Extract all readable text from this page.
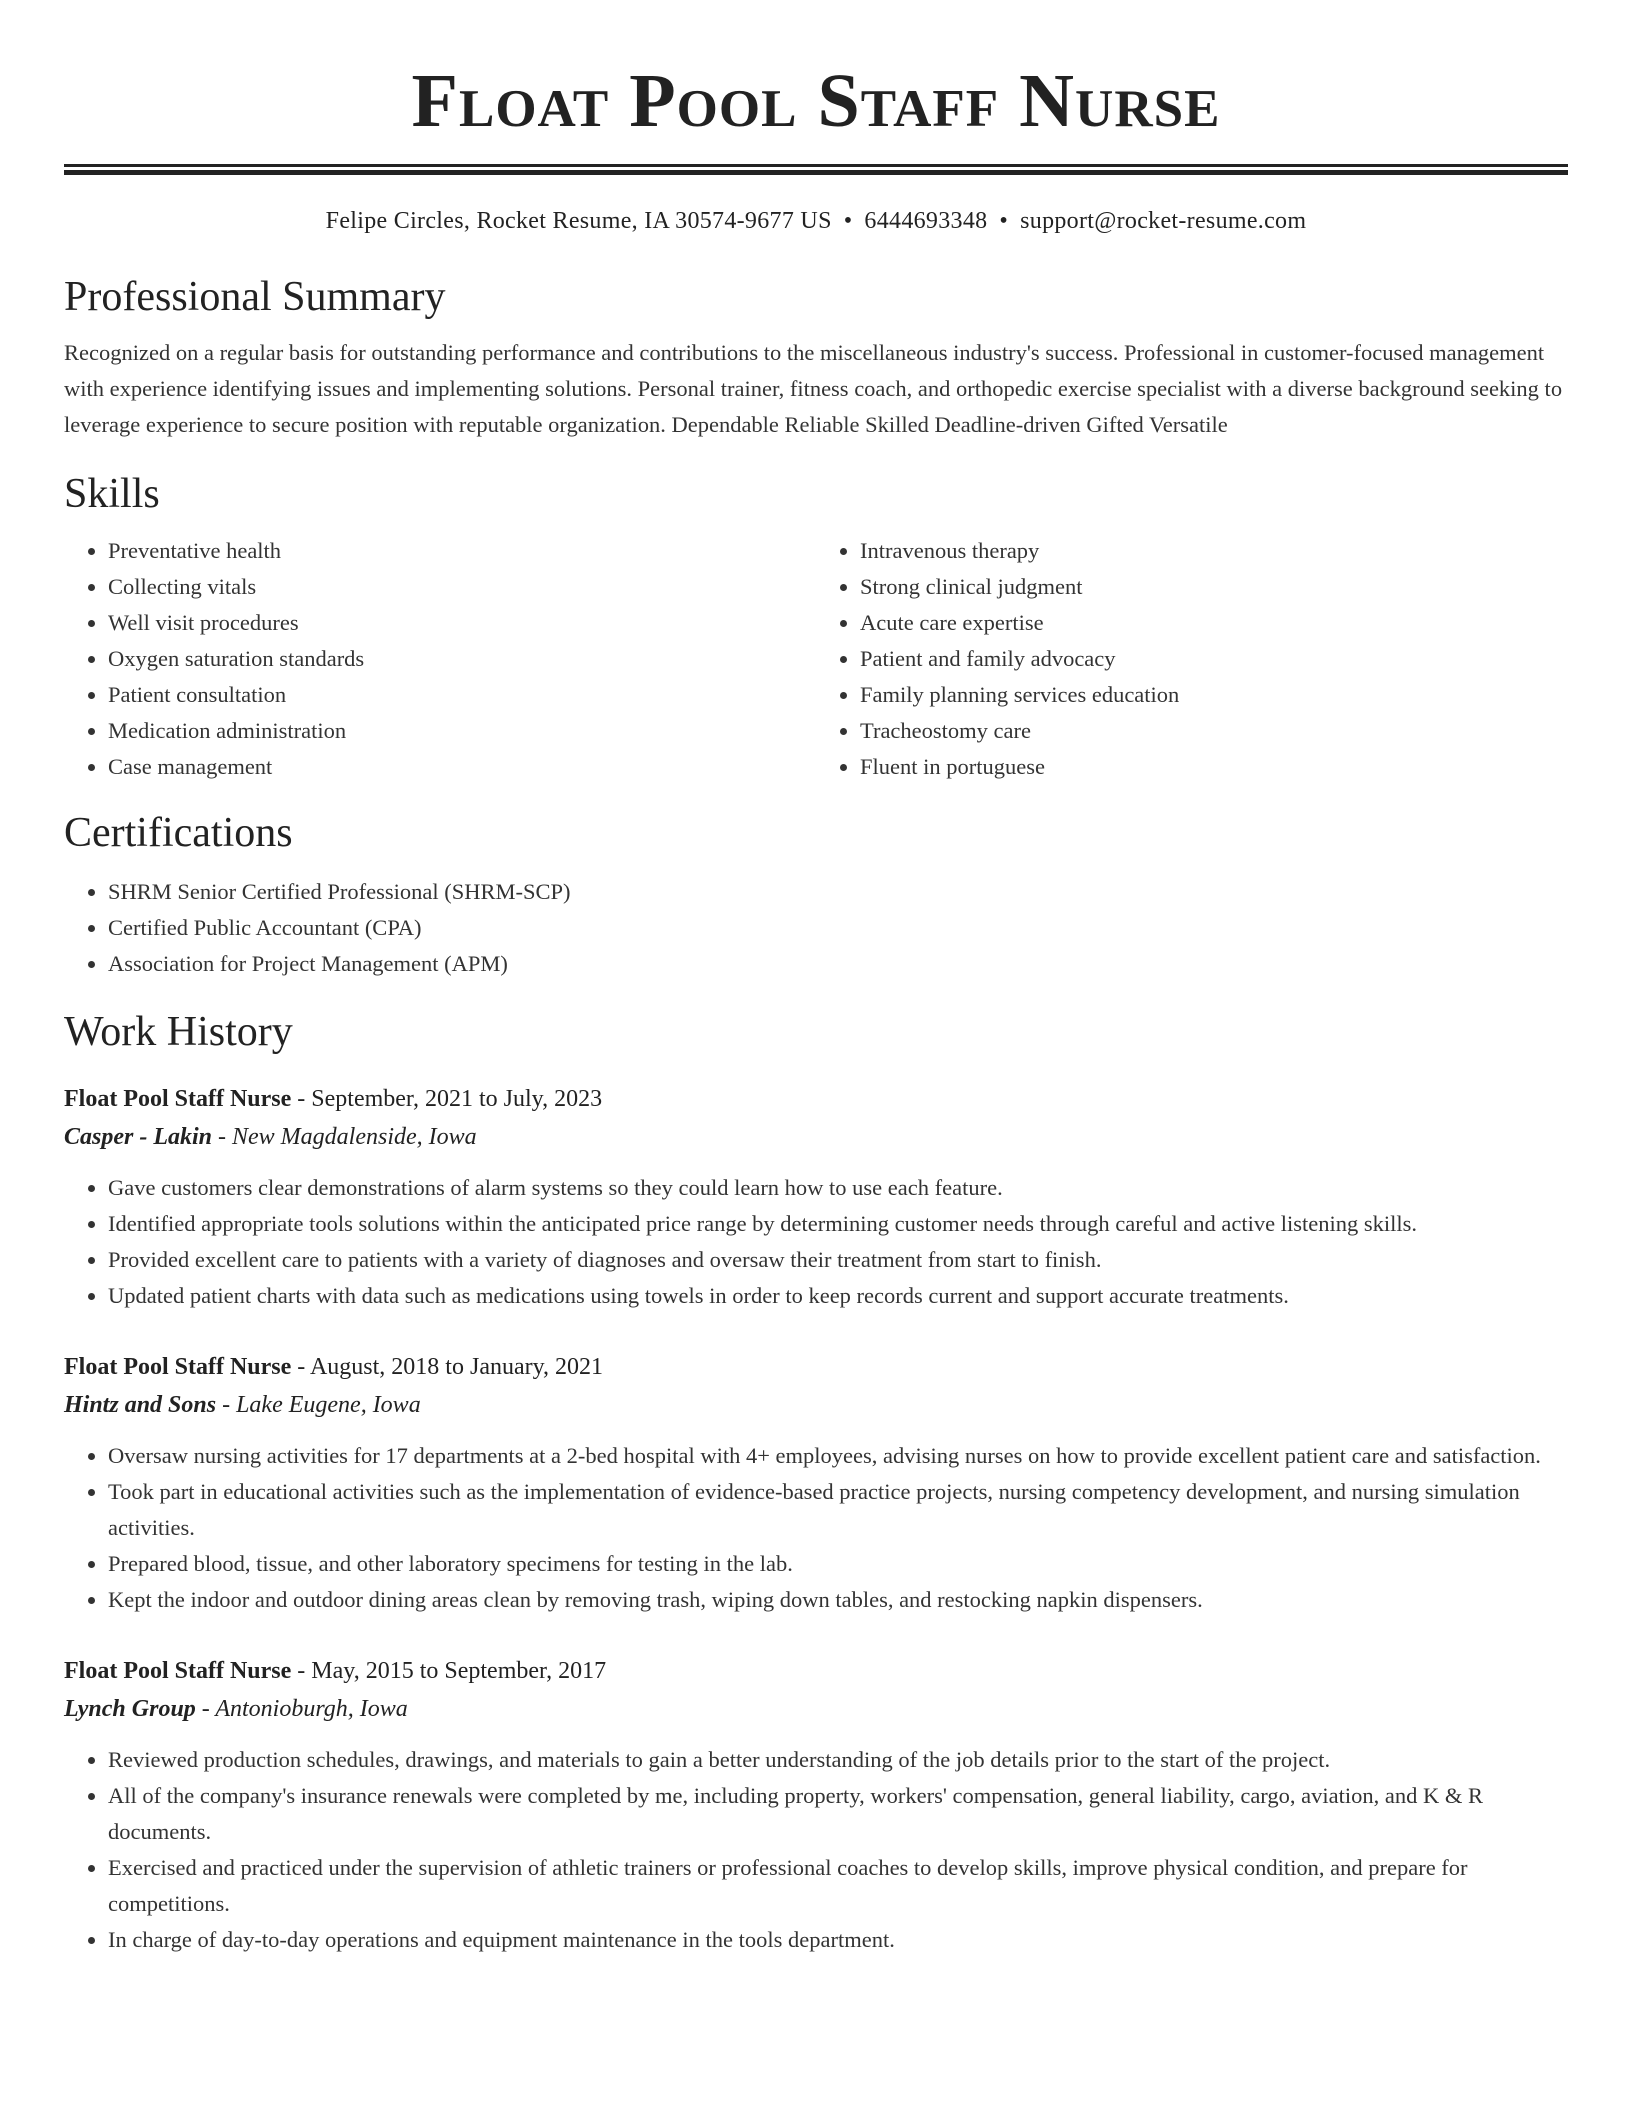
Float Pool Staff Nurse
Felipe Circles, Rocket Resume, IA 30574-9677 US • 6444693348 • support@rocket-resume.com
Professional Summary

Recognized on a regular basis for outstanding performance and contributions to the miscellaneous industry's success. Professional in customer-focused management with experience identifying issues and implementing solutions. Personal trainer, fitness coach, and orthopedic exercise specialist with a diverse background seeking to leverage experience to secure position with reputable organization. Dependable Reliable Skilled Deadline-driven Gifted Versatile

Skills
• Preventative health
• Collecting vitals
• Well visit procedures
• Oxygen saturation standards
• Patient consultation
• Medication administration
• Case management
• Intravenous therapy
• Strong clinical judgment
• Acute care expertise
• Patient and family advocacy
• Family planning services education
• Tracheostomy care
• Fluent in portuguese
Certifications
• SHRM Senior Certified Professional (SHRM-SCP)
• Certified Public Accountant (CPA)
• Association for Project Management (APM)
Work History
Float Pool Staff Nurse - September, 2021 to July, 2023
Casper - Lakin - New Magdalenside, Iowa
• Gave customers clear demonstrations of alarm systems so they could learn how to use each feature.
• Identified appropriate tools solutions within the anticipated price range by determining customer needs through careful and active listening skills.
• Provided excellent care to patients with a variety of diagnoses and oversaw their treatment from start to finish.
• Updated patient charts with data such as medications using towels in order to keep records current and support accurate treatments.
Float Pool Staff Nurse - August, 2018 to January, 2021
Hintz and Sons - Lake Eugene, Iowa
• Oversaw nursing activities for 17 departments at a 2-bed hospital with 4+ employees, advising nurses on how to provide excellent patient care and satisfaction.
• Took part in educational activities such as the implementation of evidence-based practice projects, nursing competency development, and nursing simulation activities.
• Prepared blood, tissue, and other laboratory specimens for testing in the lab.
• Kept the indoor and outdoor dining areas clean by removing trash, wiping down tables, and restocking napkin dispensers.
Float Pool Staff Nurse - May, 2015 to September, 2017
Lynch Group - Antonioburgh, Iowa
• Reviewed production schedules, drawings, and materials to gain a better understanding of the job details prior to the start of the project.
• All of the company's insurance renewals were completed by me, including property, workers' compensation, general liability, cargo, aviation, and K & R documents.
• Exercised and practiced under the supervision of athletic trainers or professional coaches to develop skills, improve physical condition, and prepare for competitions.
• In charge of day-to-day operations and equipment maintenance in the tools department.
